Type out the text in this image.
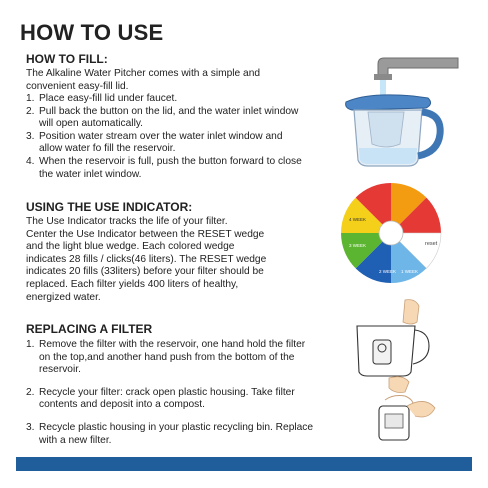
HOW TO USE
HOW TO FILL:

The Alkaline Water Pitcher comes with a simple and

convenient easy-fill lid.

1. Place easy-fill lid under faucet.
2. Pull back the button on the lid, and the water inlet window
will open automatically.
3. Position water stream over the water inlet window and
allow water fo fill the reservoir.
4. When the reservoir is full, push the button forward to close
the water inlet window.
USING THE USE INDICATOR:

The Use Indicator tracks the life of your filter.

Center the Use Indicator between the RESET wedge

and the light blue wedge. Each colored wedge

indicates 28 fills / clicks(46 liters). The RESET wedge

indicates 20 fills (33liters) before your filter should be

replaced. Each filter yields 400 liters of healthy,

energized water.

reset
1 WEEK
2 WEEK
3 WEEK
4 WEEK
REPLACING A FILTER
1. Remove the filter with the reservoir, one hand hold the filter
on the top,and another hand push from the bottom of the
reservoir.
2. Recycle your filter: crack open plastic housing. Take filter
contents and deposit into a compost.
3. Recycle plastic housing in your plastic recycling bin. Replace
with a new filter.
